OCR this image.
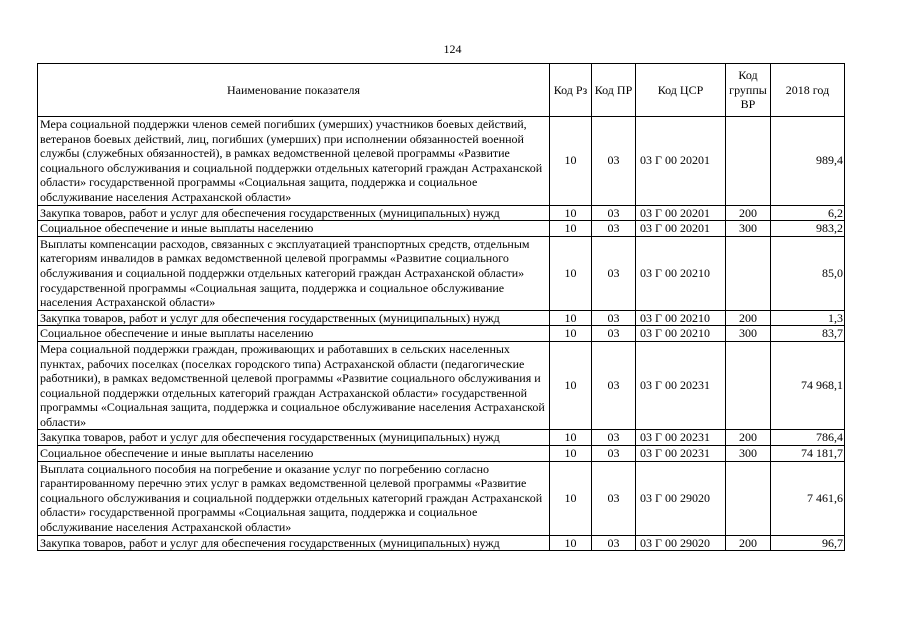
124
Наименование показателя	Код Рз	Код ПР	Код ЦСР	Код группы ВР	2018 год
Мера социальной поддержки членов семей погибших (умерших) участников боевых действий, ветеранов боевых действий, лиц, погибших (умерших) при исполнении обязанностей военной службы (служебных обязанностей), в рамках ведомственной целевой программы «Развитие социального обслуживания и социальной поддержки отдельных категорий граждан Астраханской области» государственной программы «Социальная защита, поддержка и социальное обслуживание населения Астраханской области»	10	03	03 Г 00 20201		989,4
Закупка товаров, работ и услуг для обеспечения государственных (муниципальных) нужд	10	03	03 Г 00 20201	200	6,2
Социальное обеспечение и иные выплаты населению	10	03	03 Г 00 20201	300	983,2
Выплаты компенсации расходов, связанных с эксплуатацией транспортных средств, отдельным категориям инвалидов в рамках ведомственной целевой программы «Развитие социального обслуживания и социальной поддержки отдельных категорий граждан Астраханской области» государственной программы «Социальная защита, поддержка и социальное обслуживание населения Астраханской области»	10	03	03 Г 00 20210		85,0
Закупка товаров, работ и услуг для обеспечения государственных (муниципальных) нужд	10	03	03 Г 00 20210	200	1,3
Социальное обеспечение и иные выплаты населению	10	03	03 Г 00 20210	300	83,7
Мера социальной поддержки граждан, проживающих и работавших в сельских населенных пунктах, рабочих поселках (поселках городского типа) Астраханской области (педагогические работники), в рамках ведомственной целевой программы «Развитие социального обслуживания и социальной поддержки отдельных категорий граждан Астраханской области» государственной программы «Социальная защита, поддержка и социальное обслуживание населения Астраханской области»	10	03	03 Г 00 20231		74 968,1
Закупка товаров, работ и услуг для обеспечения государственных (муниципальных) нужд	10	03	03 Г 00 20231	200	786,4
Социальное обеспечение и иные выплаты населению	10	03	03 Г 00 20231	300	74 181,7
Выплата социального пособия на погребение и оказание услуг по погребению согласно гарантированному перечню этих услуг в рамках ведомственной целевой программы «Развитие социального обслуживания и социальной поддержки отдельных категорий граждан Астраханской области» государственной программы «Социальная защита, поддержка и социальное обслуживание населения Астраханской области»	10	03	03 Г 00 29020		7 461,6
Закупка товаров, работ и услуг для обеспечения государственных (муниципальных) нужд	10	03	03 Г 00 29020	200	96,7
